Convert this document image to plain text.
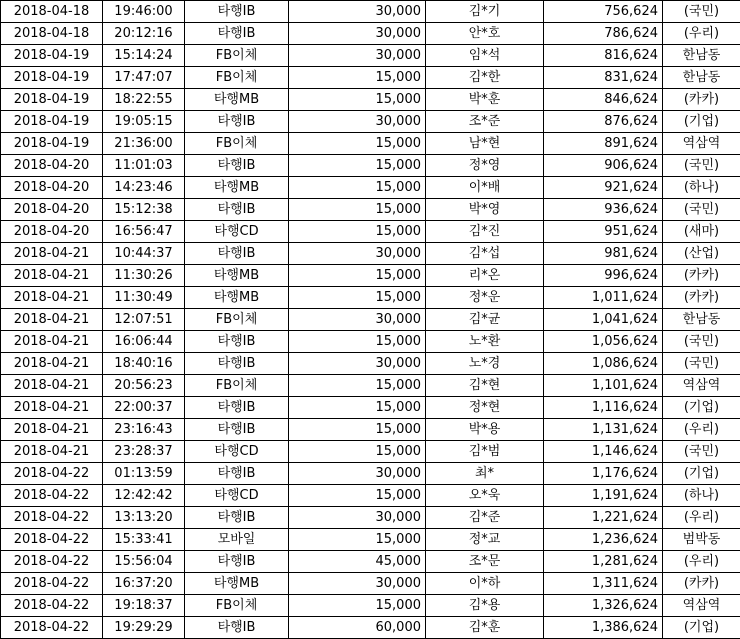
2018-04-18	19:46:00	타행IB	30,000	김*기	756,624	(국민)
2018-04-18	20:12:16	타행IB	30,000	안*호	786,624	(우리)
2018-04-19	15:14:24	FB이체	30,000	임*석	816,624	한남동
2018-04-19	17:47:07	FB이체	15,000	김*한	831,624	한남동
2018-04-19	18:22:55	타행MB	15,000	박*훈	846,624	(카카)
2018-04-19	19:05:15	타행IB	30,000	조*준	876,624	(기업)
2018-04-19	21:36:00	FB이체	15,000	남*현	891,624	역삼역
2018-04-20	11:01:03	타행IB	15,000	정*영	906,624	(국민)
2018-04-20	14:23:46	타행MB	15,000	이*배	921,624	(하나)
2018-04-20	15:12:38	타행IB	15,000	박*영	936,624	(국민)
2018-04-20	16:56:47	타행CD	15,000	김*진	951,624	(새마)
2018-04-21	10:44:37	타행IB	30,000	김*섭	981,624	(산업)
2018-04-21	11:30:26	타행MB	15,000	리*온	996,624	(카카)
2018-04-21	11:30:49	타행MB	15,000	정*운	1,011,624	(카카)
2018-04-21	12:07:51	FB이체	30,000	김*균	1,041,624	한남동
2018-04-21	16:06:44	타행IB	15,000	노*환	1,056,624	(국민)
2018-04-21	18:40:16	타행IB	30,000	노*경	1,086,624	(국민)
2018-04-21	20:56:23	FB이체	15,000	김*현	1,101,624	역삼역
2018-04-21	22:00:37	타행IB	15,000	정*현	1,116,624	(기업)
2018-04-21	23:16:43	타행IB	15,000	박*용	1,131,624	(우리)
2018-04-21	23:28:37	타행CD	15,000	김*범	1,146,624	(국민)
2018-04-22	01:13:59	타행IB	30,000	최*	1,176,624	(기업)
2018-04-22	12:42:42	타행CD	15,000	오*욱	1,191,624	(하나)
2018-04-22	13:13:20	타행IB	30,000	김*준	1,221,624	(우리)
2018-04-22	15:33:41	모바일	15,000	정*교	1,236,624	범박동
2018-04-22	15:56:04	타행IB	45,000	조*문	1,281,624	(우리)
2018-04-22	16:37:20	타행MB	30,000	이*하	1,311,624	(카카)
2018-04-22	19:18:37	FB이체	15,000	김*용	1,326,624	역삼역
2018-04-22	19:29:29	타행IB	60,000	김*훈	1,386,624	(기업)
